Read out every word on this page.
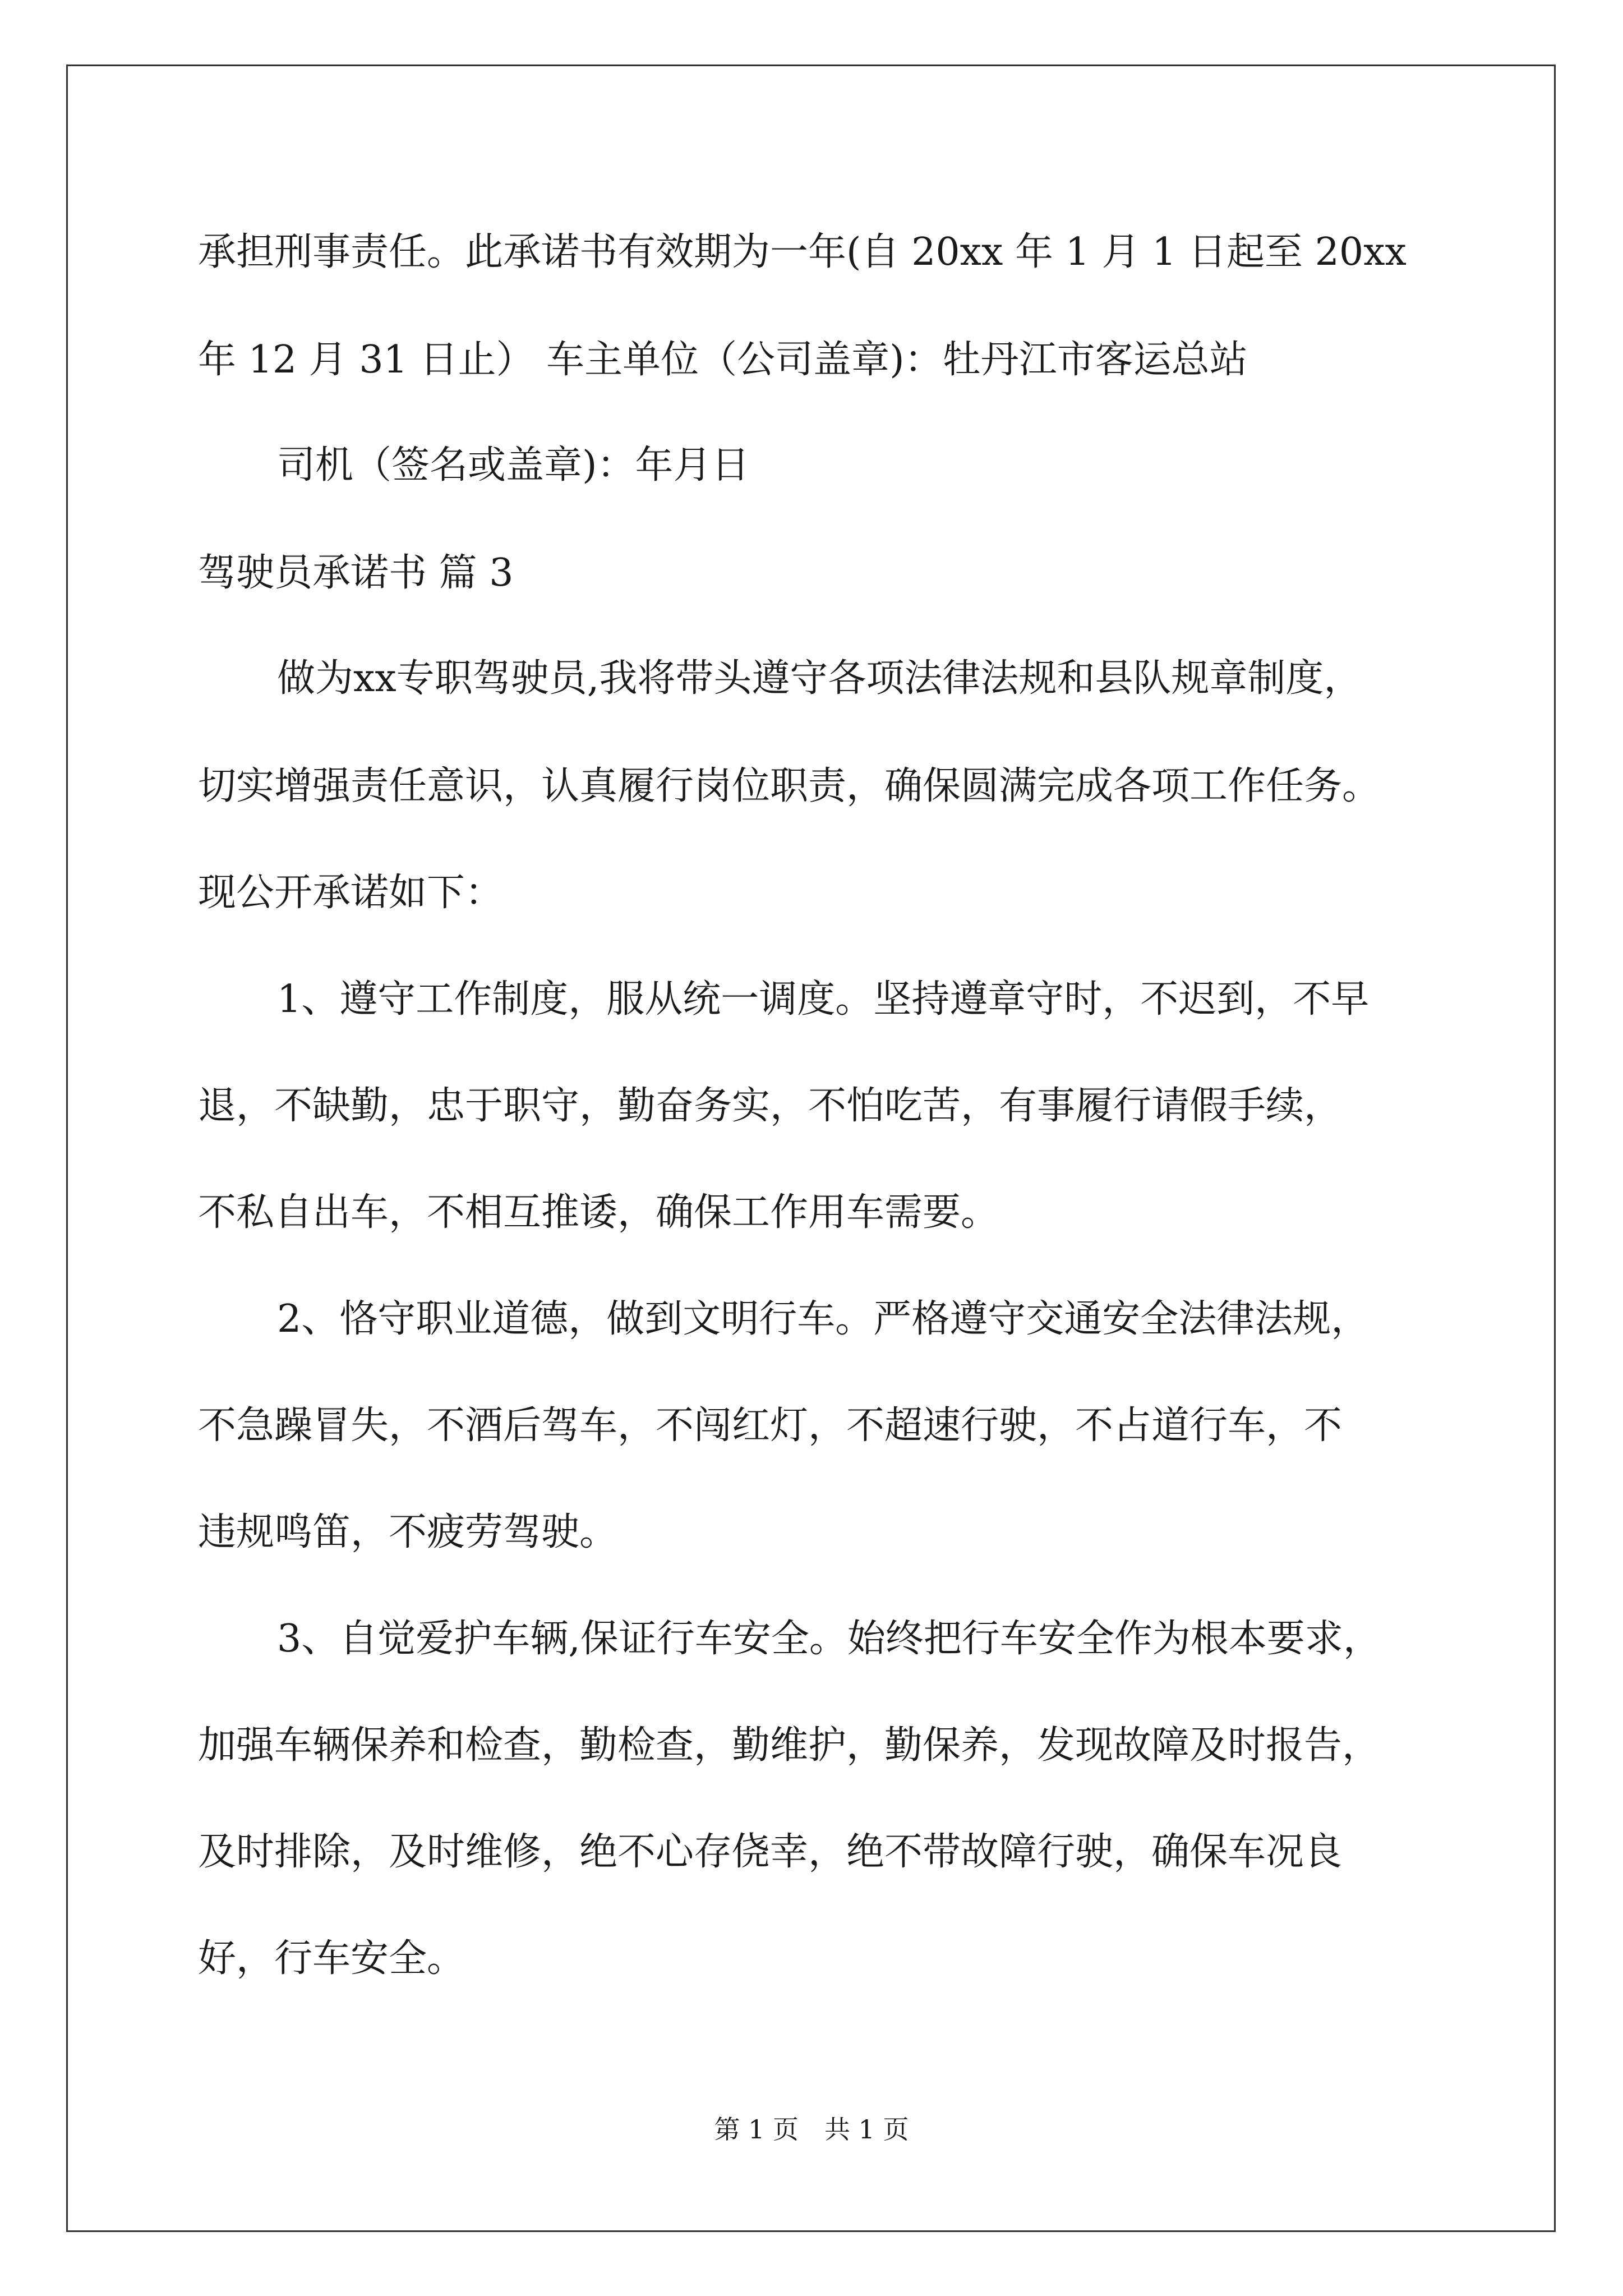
承担刑事责任。此承诺书有效期为一年(自 20xx 年 1 月 1 日起至 20xx
年 12 月 31 日止） 车主单位（公司盖章)：牡丹江市客运总站
司机（签名或盖章)：年月日
驾驶员承诺书 篇 3
做为xx专职驾驶员,我将带头遵守各项法律法规和县队规章制度，
切实增强责任意识，认真履行岗位职责，确保圆满完成各项工作任务。
现公开承诺如下：
1、遵守工作制度，服从统一调度。坚持遵章守时，不迟到，不早
退，不缺勤，忠于职守，勤奋务实，不怕吃苦，有事履行请假手续，
不私自出车，不相互推诿，确保工作用车需要。
2、恪守职业道德，做到文明行车。严格遵守交通安全法律法规，
不急躁冒失，不酒后驾车，不闯红灯，不超速行驶，不占道行车，不
违规鸣笛，不疲劳驾驶。
3、自觉爱护车辆,保证行车安全。始终把行车安全作为根本要求，
加强车辆保养和检查，勤检查，勤维护，勤保养，发现故障及时报告，
及时排除，及时维修，绝不心存侥幸，绝不带故障行驶，确保车况良
好，行车安全。
第 1 页　共 1 页
